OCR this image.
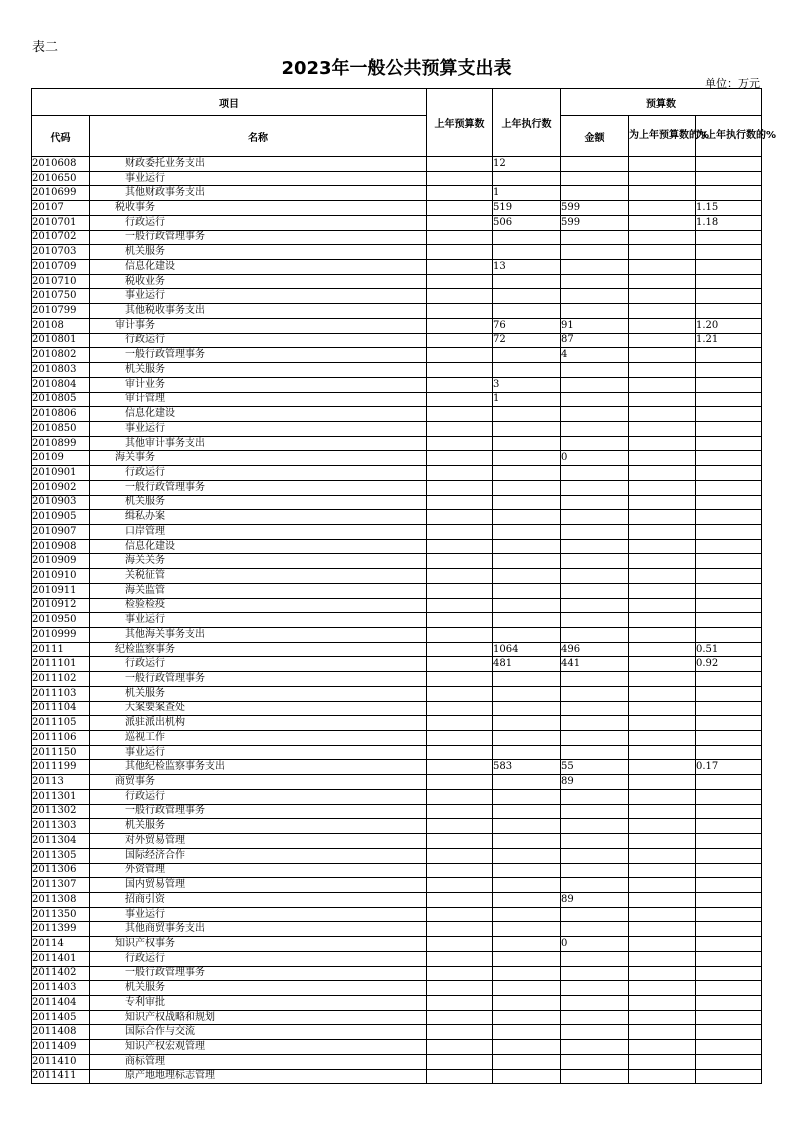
表二
2023年一般公共预算支出表
单位：万元
项目		上年预算数	上年执行数	预算数		
代码	名称			金额	为上年预算数的%	为上年执行数的%
2010608	财政委托业务支出		12			
2010650	事业运行					
2010699	其他财政事务支出		1			
20107	税收事务		519	599		1.15
2010701	行政运行		506	599		1.18
2010702	一般行政管理事务					
2010703	机关服务					
2010709	信息化建设		13			
2010710	税收业务					
2010750	事业运行					
2010799	其他税收事务支出					
20108	审计事务		76	91		1.20
2010801	行政运行		72	87		1.21
2010802	一般行政管理事务			4		
2010803	机关服务					
2010804	审计业务		3			
2010805	审计管理		1			
2010806	信息化建设					
2010850	事业运行					
2010899	其他审计事务支出					
20109	海关事务			0		
2010901	行政运行					
2010902	一般行政管理事务					
2010903	机关服务					
2010905	缉私办案					
2010907	口岸管理					
2010908	信息化建设					
2010909	海关关务					
2010910	关税征管					
2010911	海关监管					
2010912	检验检疫					
2010950	事业运行					
2010999	其他海关事务支出					
20111	纪检监察事务		1064	496		0.51
2011101	行政运行		481	441		0.92
2011102	一般行政管理事务					
2011103	机关服务					
2011104	大案要案查处					
2011105	派驻派出机构					
2011106	巡视工作					
2011150	事业运行					
2011199	其他纪检监察事务支出		583	55		0.17
20113	商贸事务			89		
2011301	行政运行					
2011302	一般行政管理事务					
2011303	机关服务					
2011304	对外贸易管理					
2011305	国际经济合作					
2011306	外资管理					
2011307	国内贸易管理					
2011308	招商引资			89		
2011350	事业运行					
2011399	其他商贸事务支出					
20114	知识产权事务			0		
2011401	行政运行					
2011402	一般行政管理事务					
2011403	机关服务					
2011404	专利审批					
2011405	知识产权战略和规划					
2011408	国际合作与交流					
2011409	知识产权宏观管理					
2011410	商标管理					
2011411	原产地地理标志管理					
